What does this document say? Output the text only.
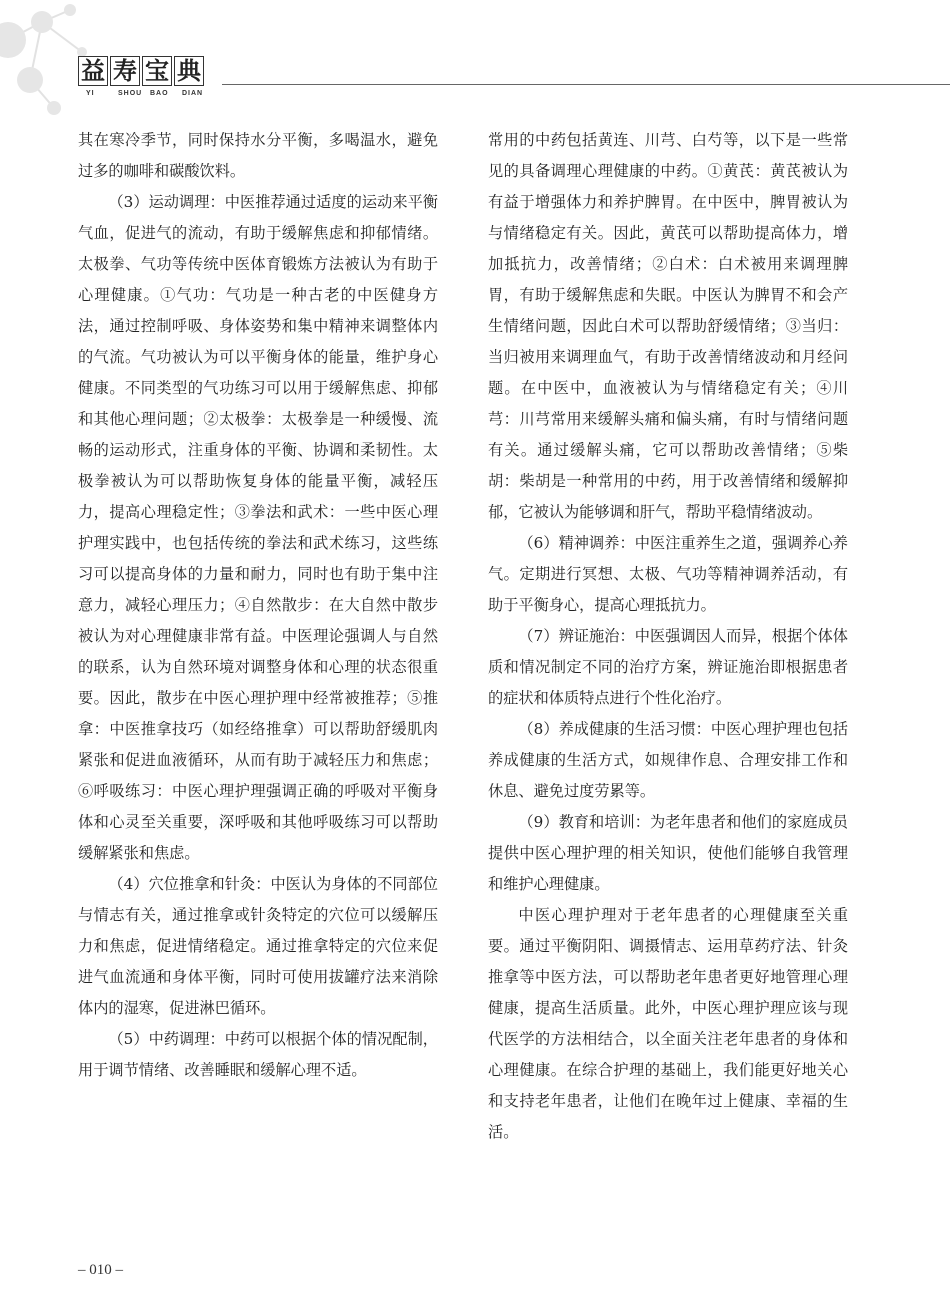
益 寿 宝 典
YI	SHOU	BAO	DIAN

其在寒冷季节，同时保持水分平衡，多喝温水，避免过多的咖啡和碳酸饮料。

（3）运动调理：中医推荐通过适度的运动来平衡气血，促进气的流动，有助于缓解焦虑和抑郁情绪。太极拳、气功等传统中医体育锻炼方法被认为有助于心理健康。①气功：气功是一种古老的中医健身方法，通过控制呼吸、身体姿势和集中精神来调整体内的气流。气功被认为可以平衡身体的能量，维护身心健康。不同类型的气功练习可以用于缓解焦虑、抑郁和其他心理问题；②太极拳：太极拳是一种缓慢、流畅的运动形式，注重身体的平衡、协调和柔韧性。太极拳被认为可以帮助恢复身体的能量平衡，减轻压力，提高心理稳定性；③拳法和武术：一些中医心理护理实践中，也包括传统的拳法和武术练习，这些练习可以提高身体的力量和耐力，同时也有助于集中注意力，减轻心理压力；④自然散步：在大自然中散步被认为对心理健康非常有益。中医理论强调人与自然的联系，认为自然环境对调整身体和心理的状态很重要。因此，散步在中医心理护理中经常被推荐；⑤推拿：中医推拿技巧（如经络推拿）可以帮助舒缓肌肉紧张和促进血液循环，从而有助于减轻压力和焦虑；⑥呼吸练习：中医心理护理强调正确的呼吸对平衡身体和心灵至关重要，深呼吸和其他呼吸练习可以帮助缓解紧张和焦虑。

（4）穴位推拿和针灸：中医认为身体的不同部位与情志有关，通过推拿或针灸特定的穴位可以缓解压力和焦虑，促进情绪稳定。通过推拿特定的穴位来促进气血流通和身体平衡，同时可使用拔罐疗法来消除体内的湿寒，促进淋巴循环。

（5）中药调理：中药可以根据个体的情况配制，用于调节情绪、改善睡眠和缓解心理不适。

常用的中药包括黄连、川芎、白芍等，以下是一些常见的具备调理心理健康的中药。①黄芪：黄芪被认为有益于增强体力和养护脾胃。在中医中，脾胃被认为与情绪稳定有关。因此，黄芪可以帮助提高体力，增加抵抗力，改善情绪；②白术：白术被用来调理脾胃，有助于缓解焦虑和失眠。中医认为脾胃不和会产生情绪问题，因此白术可以帮助舒缓情绪；③当归：当归被用来调理血气，有助于改善情绪波动和月经问题。在中医中，血液被认为与情绪稳定有关；④川芎：川芎常用来缓解头痛和偏头痛，有时与情绪问题有关。通过缓解头痛，它可以帮助改善情绪；⑤柴胡：柴胡是一种常用的中药，用于改善情绪和缓解抑郁，它被认为能够调和肝气，帮助平稳情绪波动。

（6）精神调养：中医注重养生之道，强调养心养气。定期进行冥想、太极、气功等精神调养活动，有助于平衡身心，提高心理抵抗力。

（7）辨证施治：中医强调因人而异，根据个体体质和情况制定不同的治疗方案，辨证施治即根据患者的症状和体质特点进行个性化治疗。

（8）养成健康的生活习惯：中医心理护理也包括养成健康的生活方式，如规律作息、合理安排工作和休息、避免过度劳累等。

（9）教育和培训：为老年患者和他们的家庭成员提供中医心理护理的相关知识，使他们能够自我管理和维护心理健康。

中医心理护理对于老年患者的心理健康至关重要。通过平衡阴阳、调摄情志、运用草药疗法、针灸推拿等中医方法，可以帮助老年患者更好地管理心理健康，提高生活质量。此外，中医心理护理应该与现代医学的方法相结合，以全面关注老年患者的身体和心理健康。在综合护理的基础上，我们能更好地关心和支持老年患者，让他们在晚年过上健康、幸福的生活。

– 010 –
